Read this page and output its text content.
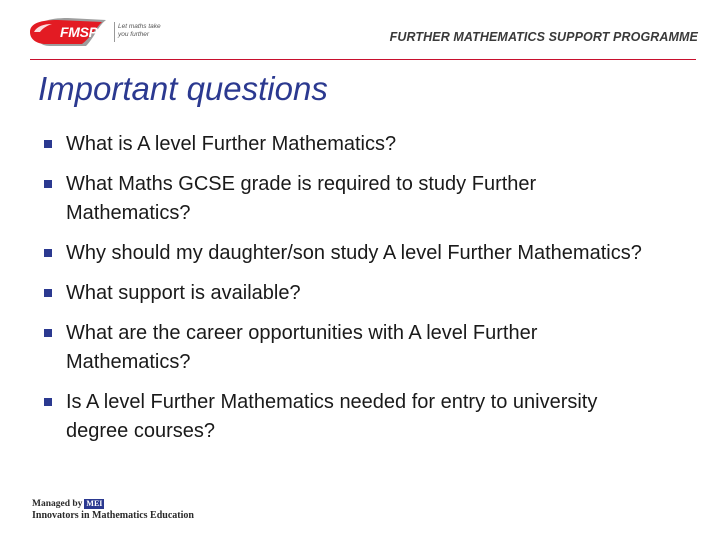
FMSP	Let maths take you further	FURTHER MATHEMATICS SUPPORT PROGRAMME
Important questions
What is A level Further Mathematics?
What Maths GCSE grade is required to study Further Mathematics?
Why should my daughter/son study A level Further Mathematics?
What support is available?
What are the career opportunities with A level Further Mathematics?
Is A level Further Mathematics needed for entry to university degree courses?
Managed by MEI
Innovators in Mathematics Education
